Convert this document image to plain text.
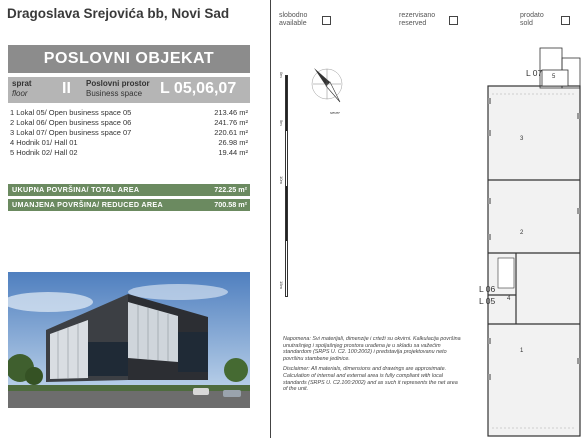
Dragoslava Srejovića bb, Novi Sad
POSLOVNI OBJEKAT
sprat
floor II Poslovni prostor
Business space	L 05,06,07
1 Lokal 05/ Open business space 05	213.46 m²
2 Lokal 06/ Open business space 06	241.76 m²
3 Lokal 07/ Open business space 07	220.61 m²
4 Hodnik 01/ Hall 01	26.98 m²
5 Hodnik 02/ Hall 02	19.44 m²
UKUPNA POVRŠINA/ TOTAL AREA	722.25 m²
UMANJENA POVRŠINA/ REDUCED AREA	700.58 m²
slobodno
available
rezervisano
reserved
prodato
sold
0m
5m
10m
15m
sever
L 07
L 06
L 05
5
3
2
4
1

Napomena: Svi materijali, dimenzije i crteži su okvirni. Kalkulacija površina unutrašnjeg i spoljašnjeg prostora urađena je u skladu sa važećim standardom (SRPS U. C2. 100:2002) i predstavlja projektovanu neto površinu stambene jedinice.

Disclaimer: All materials, dimensions and drawings are approximate. Calculation of internal and external area is fully compliant with local standards (SRPS U. C2.100:2002) and as such it represents the net area of the unit.
